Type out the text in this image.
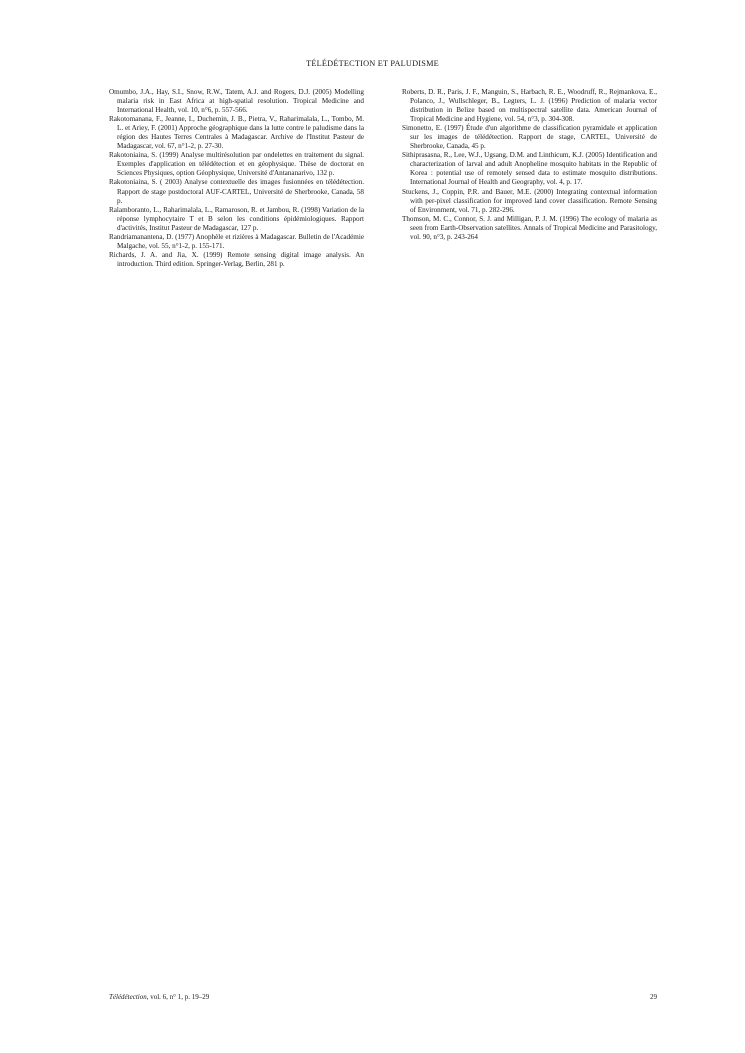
TÉLÉDÉTECTION ET PALUDISME

Omumbo, J.A., Hay, S.I., Snow, R.W., Tatem, A.J. and Rogers, D.J. (2005) Modelling malaria risk in East Africa at high-spatial resolution. Tropical Medicine and International Health, vol. 10, n°6, p. 557-566.

Rakotomanana, F., Jeanne, I., Duchemin, J. B., Pietra, V., Raharimalala, L., Tombo, M. L. et Ariey, F. (2001) Approche géographique dans la lutte contre le paludisme dans la région des Hautes Terres Centrales à Madagascar. Archive de l'Institut Pasteur de Madagascar, vol. 67, n°1-2, p. 27-30.

Rakotoniaina, S. (1999) Analyse multirésolution par ondelettes en traitement du signal. Exemples d'application en télédétection et en géophysique. Thèse de doctorat en Sciences Physiques, option Géophysique, Université d'Antananarivo, 132 p.

Rakotoniaina, S. ( 2003) Analyse contextuelle des images fusionnées en télédétection. Rapport de stage postdoctoral AUF-CARTEL, Université de Sherbrooke, Canada, 58 p.

Ralamboranto, L., Raharimalala, L., Ramaroson, R. et Jambou, R. (1998) Variation de la réponse lymphocytaire T et B selon les conditions épidémiologiques. Rapport d'activités, Institut Pasteur de Madagascar, 127 p.

Randriamanantena, D. (1977) Anophèle et rizières à Madagascar. Bulletin de l'Académie Malgache, vol. 55, n°1-2, p. 155-171.

Richards, J. A. and Jia, X. (1999) Remote sensing digital image analysis. An introduction. Third edition. Springer-Verlag, Berlin, 281 p.

Roberts, D. R., Paris, J. F., Manguin, S., Harbach, R. E., Woodruff, R., Rejmankova, E., Polanco, J., Wullschleger, B., Legters, L. J. (1996) Prediction of malaria vector distribution in Belize based on multispectral satellite data. American Journal of Tropical Medicine and Hygiene, vol. 54, n°3, p. 304-308.

Simonetto, E. (1997) Étude d'un algorithme de classification pyramidale et application sur les images de télédétection. Rapport de stage, CARTEL, Université de Sherbrooke, Canada, 45 p.

Sithiprasasna, R., Lee, W.J., Ugsang, D.M. and Linthicum, K.J. (2005) Identification and characterization of larval and adult Anopheline mosquito habitats in the Republic of Korea : potential use of remotely sensed data to estimate mosquito distributions. International Journal of Health and Geography, vol. 4, p. 17.

Stuckens, J., Coppin, P.R. and Bauer, M.E. (2000) Integrating contextual information with per-pixel classification for improved land cover classification. Remote Sensing of Environment, vol. 71, p. 282-296.

Thomson, M. C., Connor, S. J. and Milligan, P. J. M. (1996) The ecology of malaria as seen from Earth-Observation satellites. Annals of Tropical Medicine and Parasitology, vol. 90, n°3, p. 243-264

Télédétection, vol. 6, n° 1, p. 19–29	29
